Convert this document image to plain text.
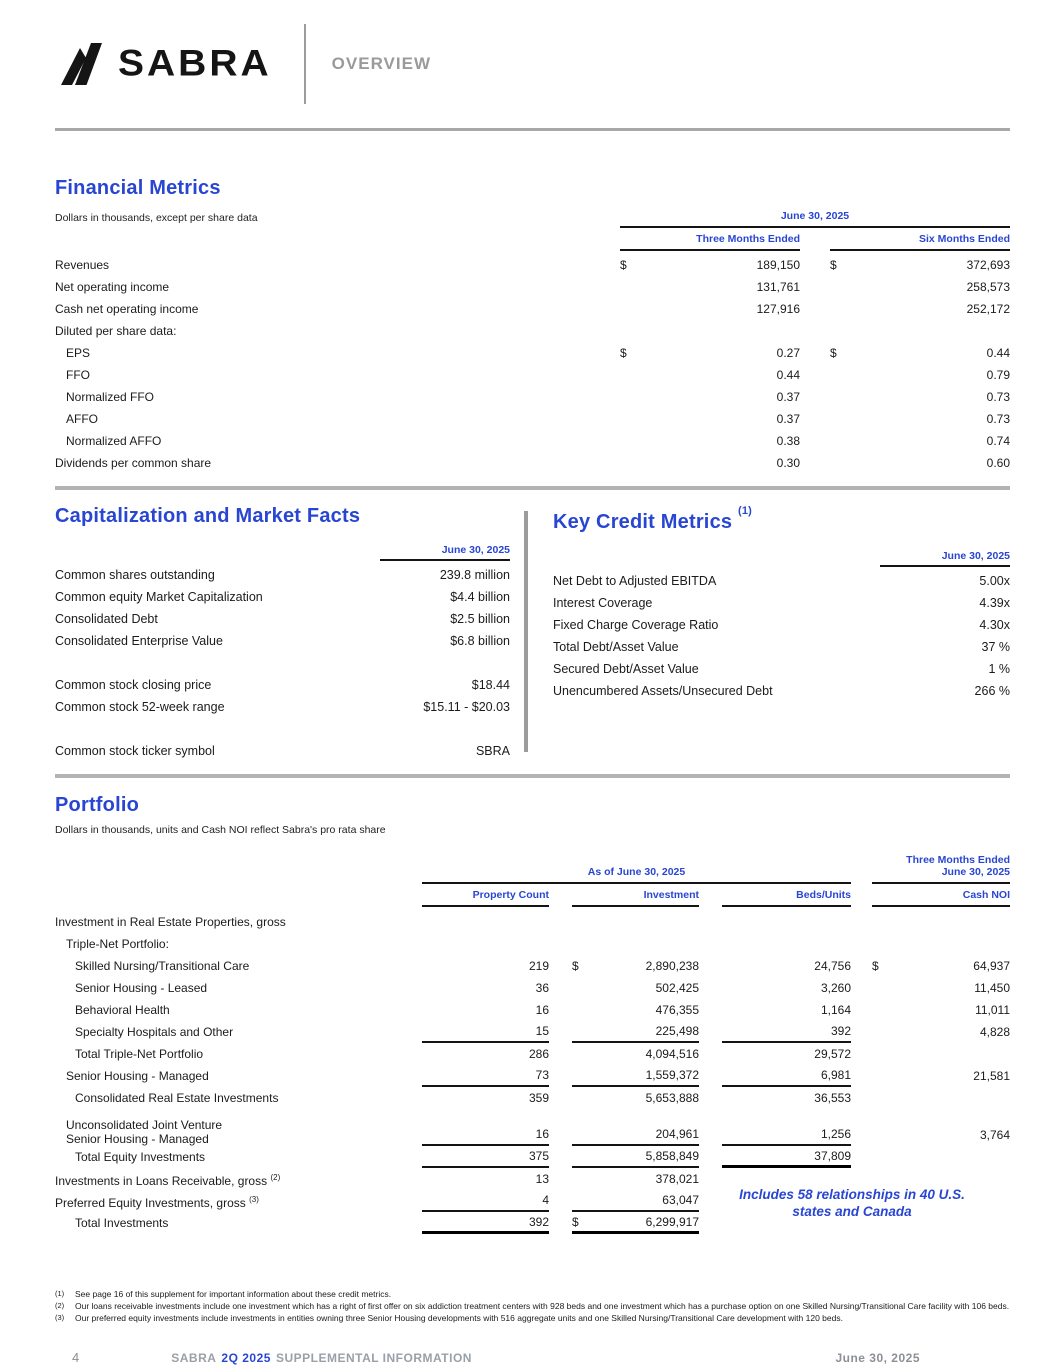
SABRA	OVERVIEW
Financial Metrics
Dollars in thousands, except per share data	June 30, 2025
Three Months Ended	Six Months Ended
Revenues	$	189,150	$	372,693
Net operating income	131,761	258,573
Cash net operating income	127,916	252,172
Diluted per share data:
EPS	$	0.27	$	0.44
FFO	0.44	0.79
Normalized FFO	0.37	0.73
AFFO	0.37	0.73
Normalized AFFO	0.38	0.74
Dividends per common share	0.30	0.60
Capitalization and Market Facts
June 30, 2025
Common shares outstanding	239.8 million
Common equity Market Capitalization	$4.4 billion
Consolidated Debt	$2.5 billion
Consolidated Enterprise Value	$6.8 billion
Common stock closing price	$18.44
Common stock 52-week range	$15.11 - $20.03
Common stock ticker symbol	SBRA
Key Credit Metrics $^{(1)}$
June 30, 2025
Net Debt to Adjusted EBITDA	5.00x
Interest Coverage	4.39x
Fixed Charge Coverage Ratio	4.30x
Total Debt/Asset Value	37 %
Secured Debt/Asset Value	1 %
Unencumbered Assets/Unsecured Debt	266 %
Portfolio
Dollars in thousands, units and Cash NOI reflect Sabra's pro rata share
As of June 30, 2025
Three Months Ended
June 30, 2025
Property Count	Investment	Beds/Units	Cash NOI
Investment in Real Estate Properties, gross
Triple-Net Portfolio:
Skilled Nursing/Transitional Care	219 $	2,890,238	24,756 $	64,937
Senior Housing - Leased	36	502,425	3,260	11,450
Behavioral Health	16	476,355	1,164	11,011
Specialty Hospitals and Other	15	225,498	392	4,828
Total Triple-Net Portfolio	286	4,094,516	29,572
Senior Housing - Managed	73	1,559,372	6,981	21,581
Consolidated Real Estate Investments	359	5,653,888	36,553
Unconsolidated Joint Venture Senior Housing - Managed	16	204,961	1,256	3,764
Total Equity Investments	375	5,858,849	37,809
Investments in Loans Receivable, gross $^{(2)}$	13	378,021
Preferred Equity Investments, gross $^{(3)}$	4	63,047
Total Investments	392 $	6,299,917
Includes 58 relationships in 40 U.S.
states and Canada
(1)	See page 16 of this supplement for important information about these credit metrics.
(2)	Our loans receivable investments include one investment which has a right of first offer on six addiction treatment centers with 928 beds and one investment which has a purchase option on one Skilled Nursing/Transitional Care facility with 106 beds.
(3)	Our preferred equity investments include investments in entities owning three Senior Housing developments with 516 aggregate units and one Skilled Nursing/Transitional Care development with 120 beds.
4	SABRA 2Q 2025 SUPPLEMENTAL INFORMATION	June 30, 2025
